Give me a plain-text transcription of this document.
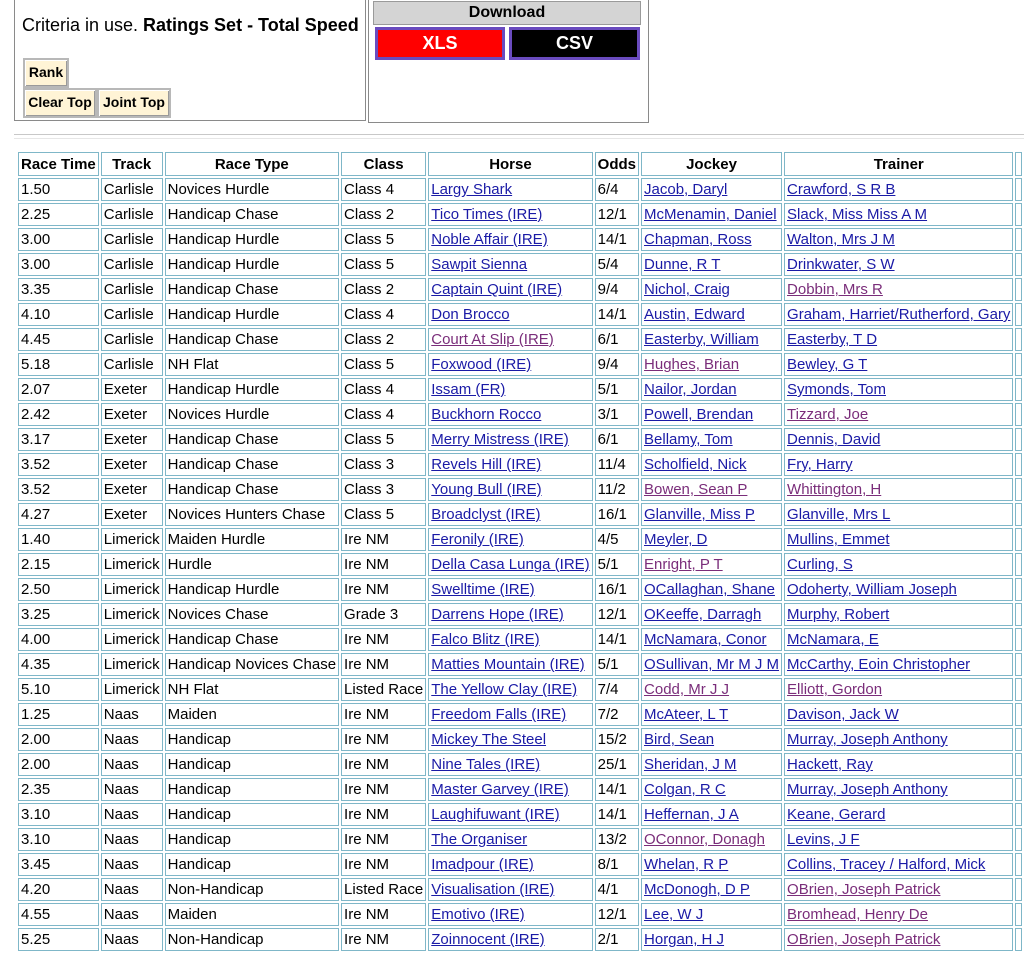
Criteria in use. Ratings Set - Total Speed
Rank
Clear Top Joint Top
Download
XLS	CSV
Race Time	Track	Race Type	Class	Horse	Odds	Jockey	Trainer	
1.50	Carlisle	Novices Hurdle	Class 4	Largy Shark	6/4	Jacob, Daryl	Crawford, S R B	
2.25	Carlisle	Handicap Chase	Class 2	Tico Times (IRE)	12/1	McMenamin, Daniel	Slack, Miss Miss A M	
3.00	Carlisle	Handicap Hurdle	Class 5	Noble Affair (IRE)	14/1	Chapman, Ross	Walton, Mrs J M	
3.00	Carlisle	Handicap Hurdle	Class 5	Sawpit Sienna	5/4	Dunne, R T	Drinkwater, S W	
3.35	Carlisle	Handicap Chase	Class 2	Captain Quint (IRE)	9/4	Nichol, Craig	Dobbin, Mrs R	
4.10	Carlisle	Handicap Hurdle	Class 4	Don Brocco	14/1	Austin, Edward	Graham, Harriet/Rutherford, Gary	
4.45	Carlisle	Handicap Chase	Class 2	Court At Slip (IRE)	6/1	Easterby, William	Easterby, T D	
5.18	Carlisle	NH Flat	Class 5	Foxwood (IRE)	9/4	Hughes, Brian	Bewley, G T	
2.07	Exeter	Handicap Hurdle	Class 4	Issam (FR)	5/1	Nailor, Jordan	Symonds, Tom	
2.42	Exeter	Novices Hurdle	Class 4	Buckhorn Rocco	3/1	Powell, Brendan	Tizzard, Joe	
3.17	Exeter	Handicap Chase	Class 5	Merry Mistress (IRE)	6/1	Bellamy, Tom	Dennis, David	
3.52	Exeter	Handicap Chase	Class 3	Revels Hill (IRE)	11/4	Scholfield, Nick	Fry, Harry	
3.52	Exeter	Handicap Chase	Class 3	Young Bull (IRE)	11/2	Bowen, Sean P	Whittington, H	
4.27	Exeter	Novices Hunters Chase	Class 5	Broadclyst (IRE)	16/1	Glanville, Miss P	Glanville, Mrs L	
1.40	Limerick	Maiden Hurdle	Ire NM	Feronily (IRE)	4/5	Meyler, D	Mullins, Emmet	
2.15	Limerick	Hurdle	Ire NM	Della Casa Lunga (IRE)	5/1	Enright, P T	Curling, S	
2.50	Limerick	Handicap Hurdle	Ire NM	Swelltime (IRE)	16/1	OCallaghan, Shane	Odoherty, William Joseph	
3.25	Limerick	Novices Chase	Grade 3	Darrens Hope (IRE)	12/1	OKeeffe, Darragh	Murphy, Robert	
4.00	Limerick	Handicap Chase	Ire NM	Falco Blitz (IRE)	14/1	McNamara, Conor	McNamara, E	
4.35	Limerick	Handicap Novices Chase	Ire NM	Matties Mountain (IRE)	5/1	OSullivan, Mr M J M	McCarthy, Eoin Christopher	
5.10	Limerick	NH Flat	Listed Race	The Yellow Clay (IRE)	7/4	Codd, Mr J J	Elliott, Gordon	
1.25	Naas	Maiden	Ire NM	Freedom Falls (IRE)	7/2	McAteer, L T	Davison, Jack W	
2.00	Naas	Handicap	Ire NM	Mickey The Steel	15/2	Bird, Sean	Murray, Joseph Anthony	
2.00	Naas	Handicap	Ire NM	Nine Tales (IRE)	25/1	Sheridan, J M	Hackett, Ray	
2.35	Naas	Handicap	Ire NM	Master Garvey (IRE)	14/1	Colgan, R C	Murray, Joseph Anthony	
3.10	Naas	Handicap	Ire NM	Laughifuwant (IRE)	14/1	Heffernan, J A	Keane, Gerard	
3.10	Naas	Handicap	Ire NM	The Organiser	13/2	OConnor, Donagh	Levins, J F	
3.45	Naas	Handicap	Ire NM	Imadpour (IRE)	8/1	Whelan, R P	Collins, Tracey / Halford, Mick	
4.20	Naas	Non-Handicap	Listed Race	Visualisation (IRE)	4/1	McDonogh, D P	OBrien, Joseph Patrick	
4.55	Naas	Maiden	Ire NM	Emotivo (IRE)	12/1	Lee, W J	Bromhead, Henry De	
5.25	Naas	Non-Handicap	Ire NM	Zoinnocent (IRE)	2/1	Horgan, H J	OBrien, Joseph Patrick	
